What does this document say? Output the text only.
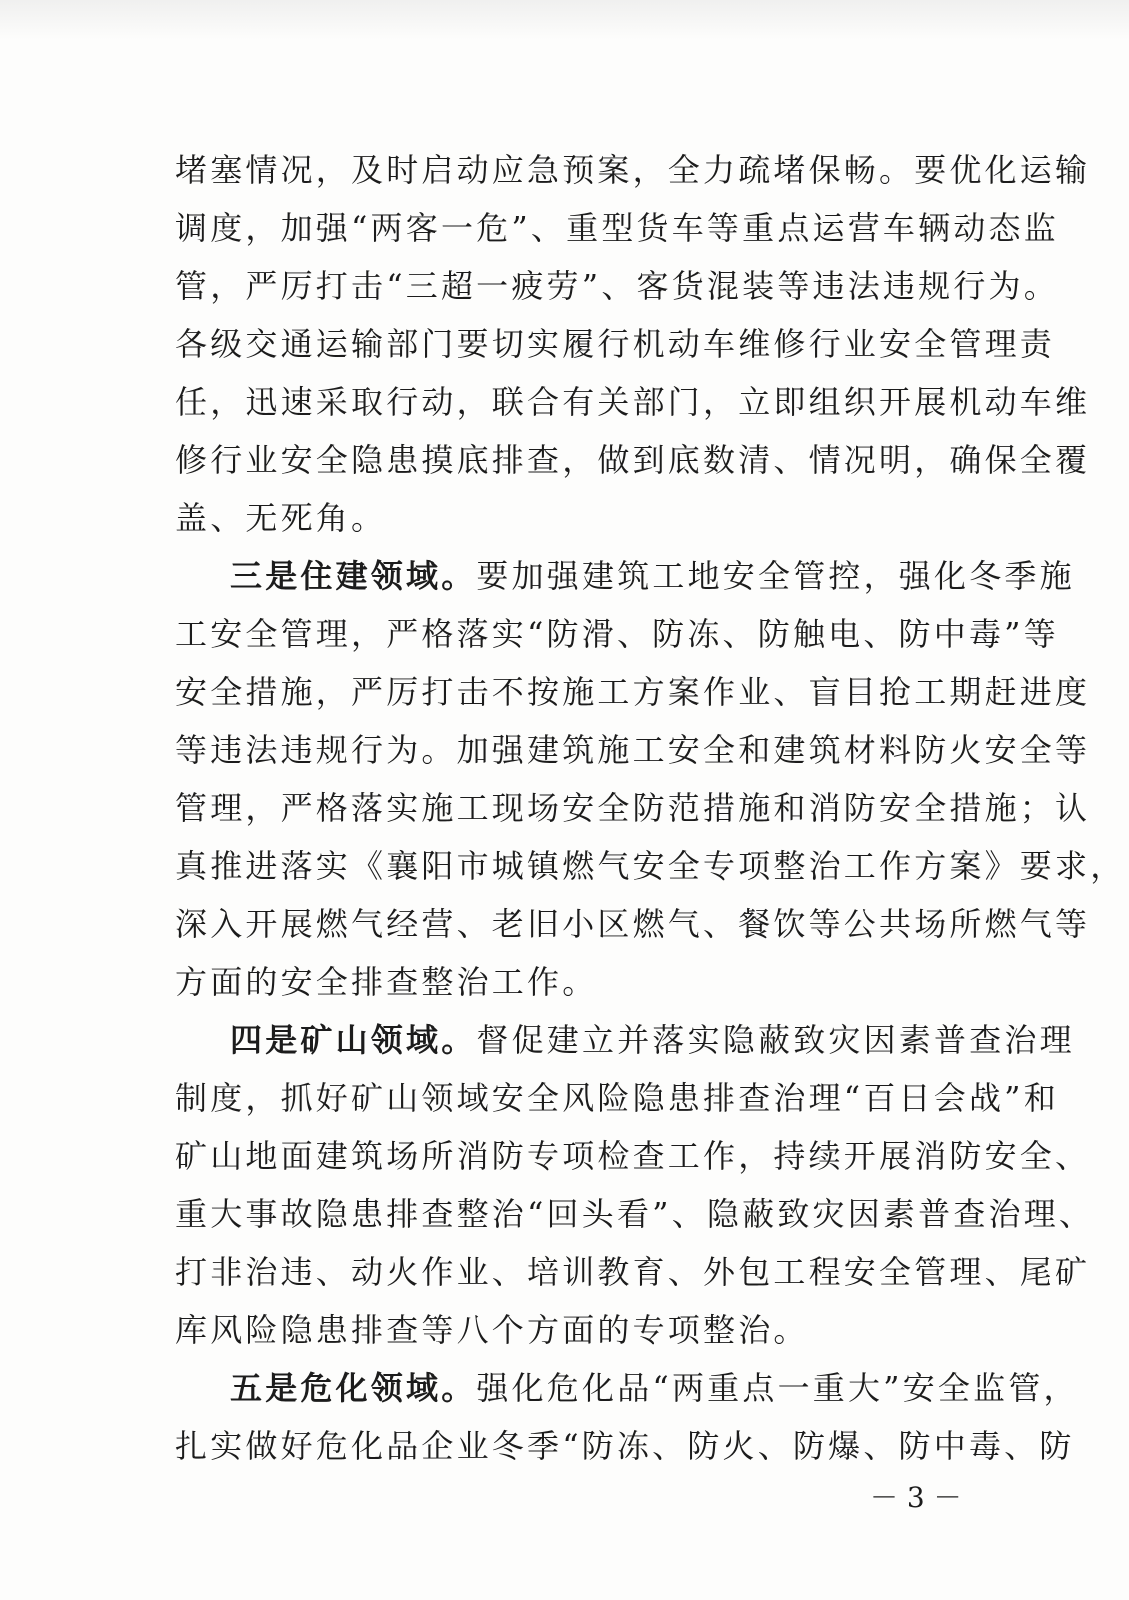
堵塞情况，及时启动应急预案，全力疏堵保畅。要优化运输
调度，加强“两客一危”、重型货车等重点运营车辆动态监
管，严厉打击“三超一疲劳”、客货混装等违法违规行为。
各级交通运输部门要切实履行机动车维修行业安全管理责
任，迅速采取行动，联合有关部门，立即组织开展机动车维
修行业安全隐患摸底排查，做到底数清、情况明，确保全覆
盖、无死角。
三是住建领域。要加强建筑工地安全管控，强化冬季施
工安全管理，严格落实“防滑、防冻、防触电、防中毒”等
安全措施，严厉打击不按施工方案作业、盲目抢工期赶进度
等违法违规行为。加强建筑施工安全和建筑材料防火安全等
管理，严格落实施工现场安全防范措施和消防安全措施；认
真推进落实《襄阳市城镇燃气安全专项整治工作方案》要求，
深入开展燃气经营、老旧小区燃气、餐饮等公共场所燃气等
方面的安全排查整治工作。
四是矿山领域。督促建立并落实隐蔽致灾因素普查治理
制度，抓好矿山领域安全风险隐患排查治理“百日会战”和
矿山地面建筑场所消防专项检查工作，持续开展消防安全、
重大事故隐患排查整治“回头看”、隐蔽致灾因素普查治理、
打非治违、动火作业、培训教育、外包工程安全管理、尾矿
库风险隐患排查等八个方面的专项整治。
五是危化领域。强化危化品“两重点一重大”安全监管，
扎实做好危化品企业冬季“防冻、防火、防爆、防中毒、防
－ 3 －
